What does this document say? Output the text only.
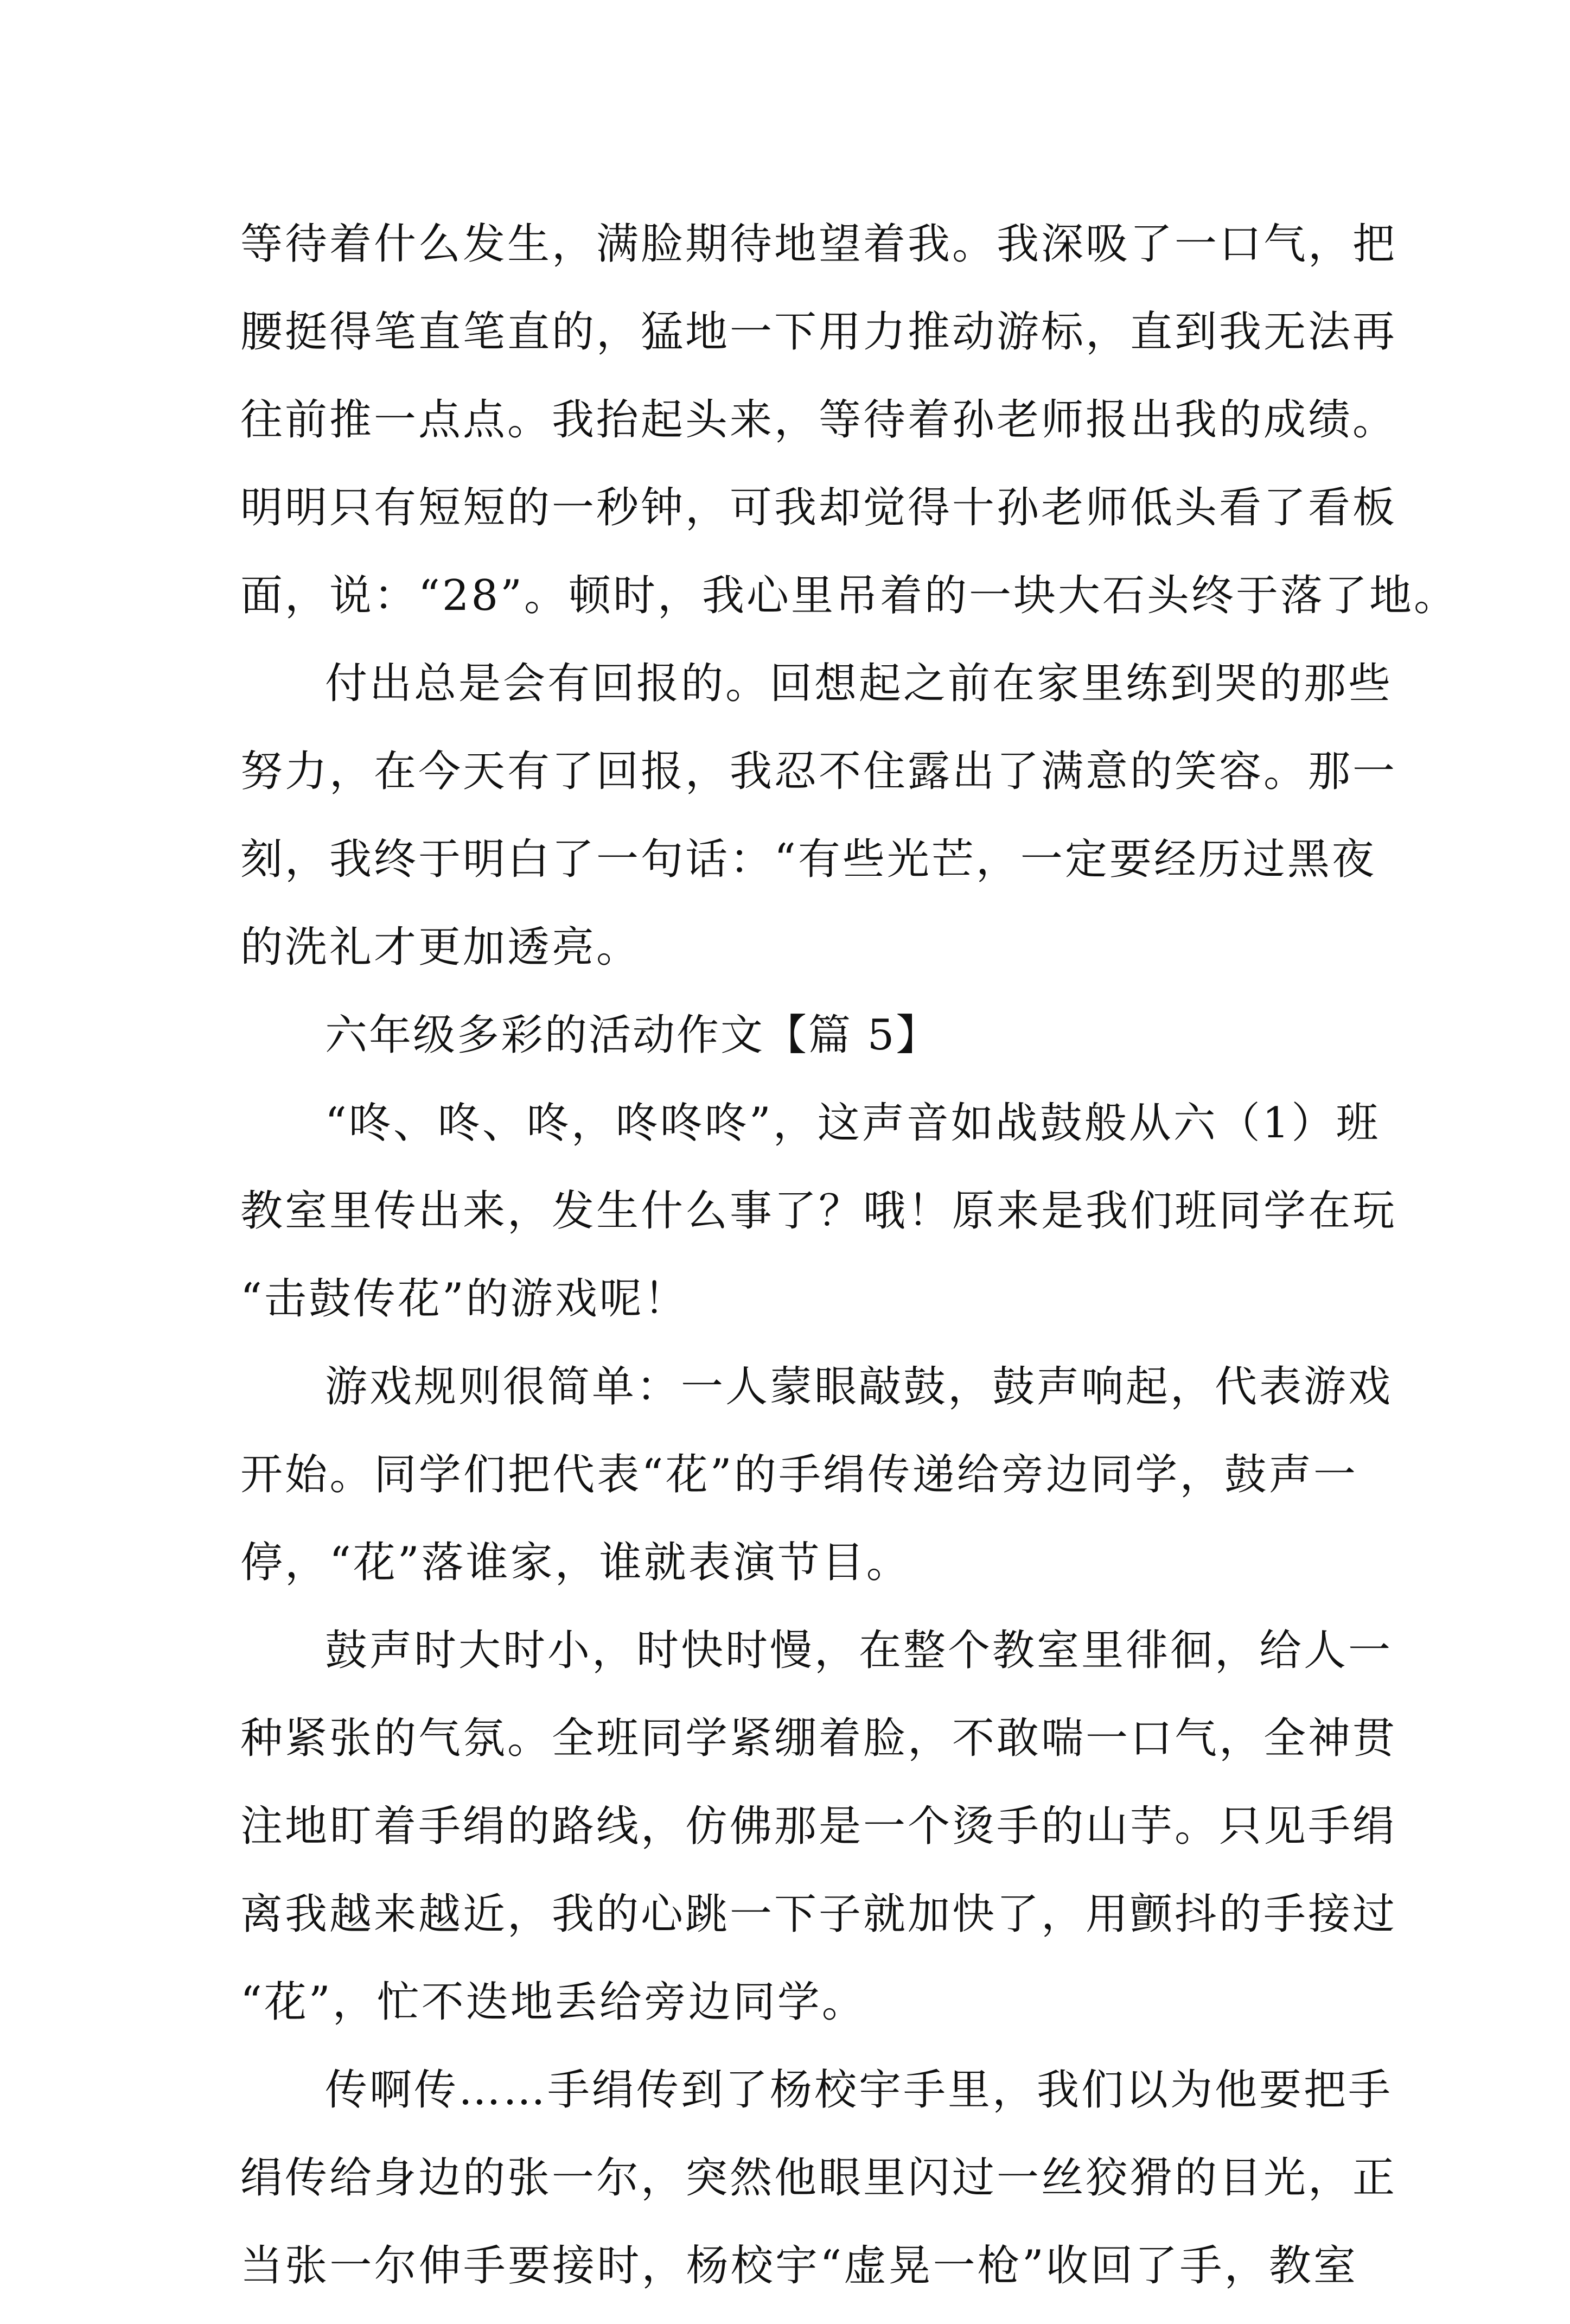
等待着什么发生，满脸期待地望着我。我深吸了一口气，把
腰挺得笔直笔直的，猛地一下用力推动游标，直到我无法再
往前推一点点。我抬起头来，等待着孙老师报出我的成绩。
明明只有短短的一秒钟，可我却觉得十孙老师低头看了看板
面，说：“28”。顿时，我心里吊着的一块大石头终于落了地。
付出总是会有回报的。回想起之前在家里练到哭的那些
努力，在今天有了回报，我忍不住露出了满意的笑容。那一
刻，我终于明白了一句话：“有些光芒，一定要经历过黑夜
的洗礼才更加透亮。
六年级多彩的活动作文【篇 5】
“咚、咚、咚，咚咚咚”，这声音如战鼓般从六（1）班
教室里传出来，发生什么事了？哦！原来是我们班同学在玩
“击鼓传花”的游戏呢！
游戏规则很简单：一人蒙眼敲鼓，鼓声响起，代表游戏
开始。同学们把代表“花”的手绢传递给旁边同学，鼓声一
停，“花”落谁家，谁就表演节目。
鼓声时大时小，时快时慢，在整个教室里徘徊，给人一
种紧张的气氛。全班同学紧绷着脸，不敢喘一口气，全神贯
注地盯着手绢的路线，仿佛那是一个烫手的山芋。只见手绢
离我越来越近，我的心跳一下子就加快了，用颤抖的手接过
“花”，忙不迭地丢给旁边同学。
传啊传……手绢传到了杨校宇手里，我们以为他要把手
绢传给身边的张一尔，突然他眼里闪过一丝狡猾的目光，正
当张一尔伸手要接时，杨校宇“虚晃一枪”收回了手，教室
